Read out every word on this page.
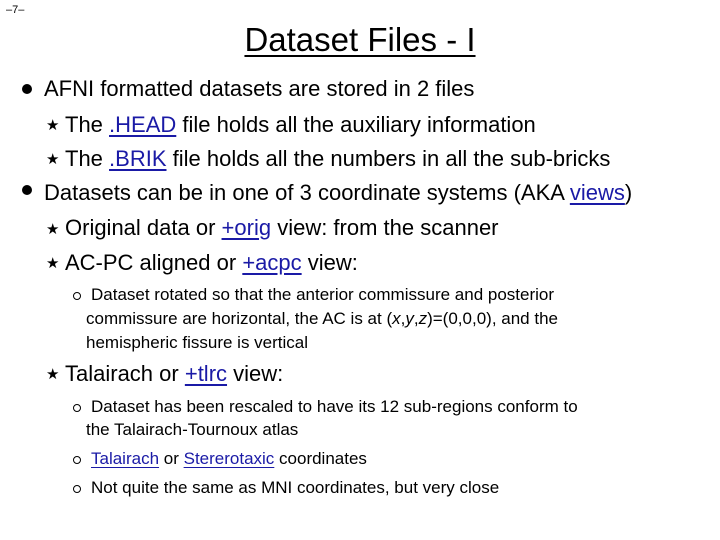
–7–
Dataset Files - I
AFNI formatted datasets are stored in 2 files
★ The .HEAD file holds all the auxiliary information
★ The .BRIK file holds all the numbers in all the sub-bricks
Datasets can be in one of 3 coordinate systems (AKA views)
★ Original data or +orig view: from the scanner
★ AC-PC aligned or +acpc view:
Dataset rotated so that the anterior commissure and posterior
commissure are horizontal, the AC is at (x,y,z)=(0,0,0), and the
hemispheric fissure is vertical
★ Talairach or +tlrc view:
Dataset has been rescaled to have its 12 sub-regions conform to
the Talairach-Tournoux atlas
Talairach or Stererotaxic coordinates
Not quite the same as MNI coordinates, but very close
